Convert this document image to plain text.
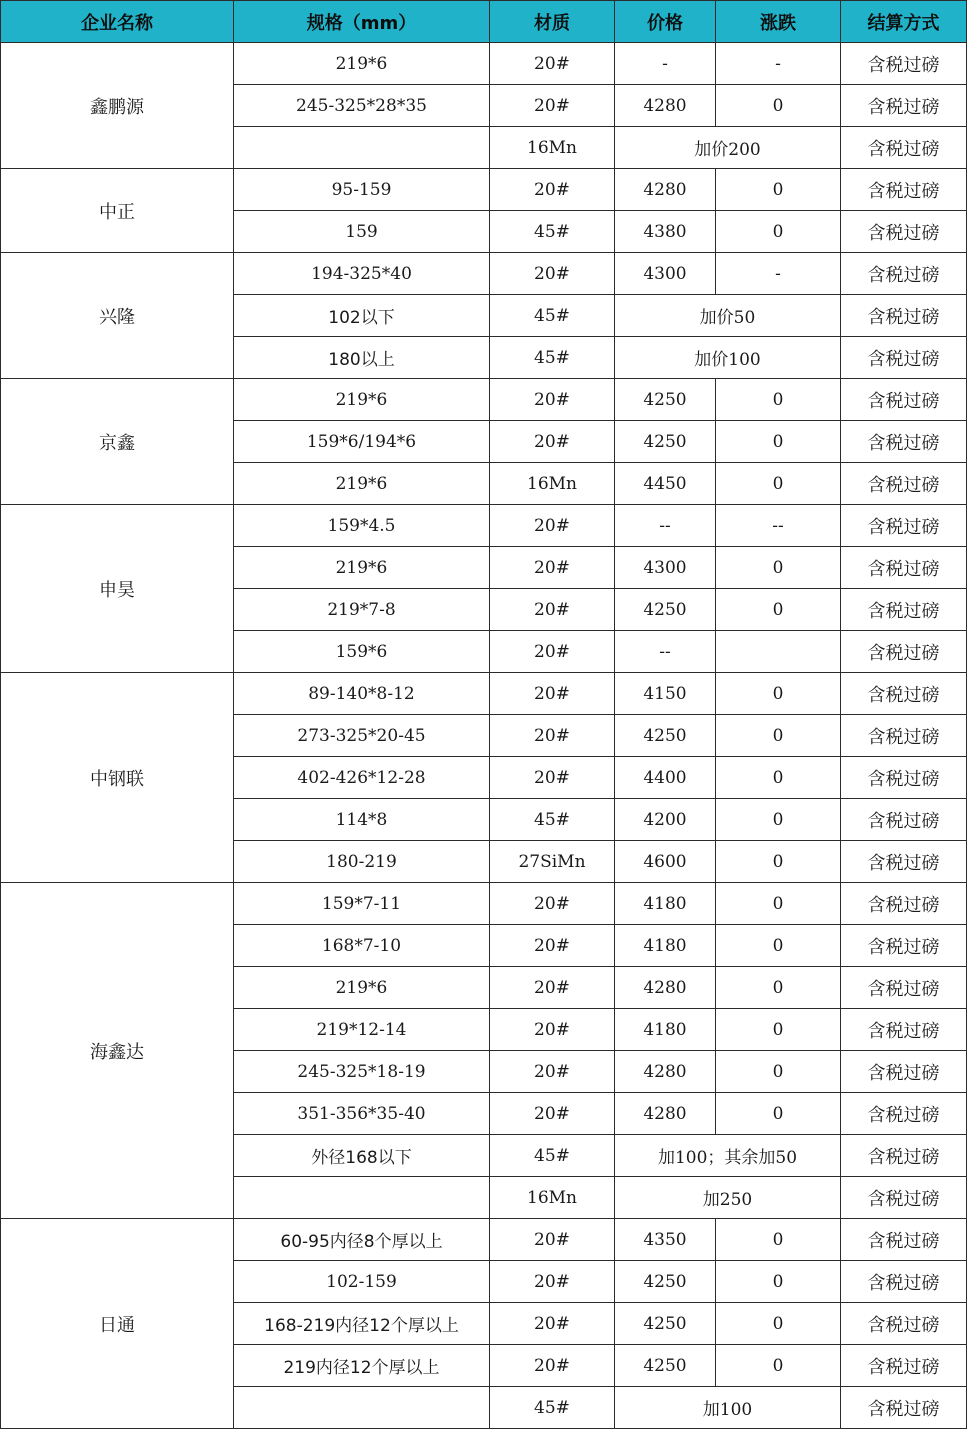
企业名称	规格（mm）	材质	价格	涨跌	结算方式
鑫鹏源	219*6	20#	-	-	含税过磅
	245-325*28*35	20#	4280	0	含税过磅
		16Mn	加价200		含税过磅
中正	95-159	20#	4280	0	含税过磅
	159	45#	4380	0	含税过磅
兴隆	194-325*40	20#	4300	-	含税过磅
	102以下	45#	加价50		含税过磅
	180以上	45#	加价100		含税过磅
京鑫	219*6	20#	4250	0	含税过磅
	159*6/194*6	20#	4250	0	含税过磅
	219*6	16Mn	4450	0	含税过磅
申昊	159*4.5	20#	--	--	含税过磅
	219*6	20#	4300	0	含税过磅
	219*7-8	20#	4250	0	含税过磅
	159*6	20#	--		含税过磅
中钢联	89-140*8-12	20#	4150	0	含税过磅
	273-325*20-45	20#	4250	0	含税过磅
	402-426*12-28	20#	4400	0	含税过磅
	114*8	45#	4200	0	含税过磅
	180-219	27SiMn	4600	0	含税过磅
海鑫达	159*7-11	20#	4180	0	含税过磅
	168*7-10	20#	4180	0	含税过磅
	219*6	20#	4280	0	含税过磅
	219*12-14	20#	4180	0	含税过磅
	245-325*18-19	20#	4280	0	含税过磅
	351-356*35-40	20#	4280	0	含税过磅
	外径168以下	45#	加100；其余加50		含税过磅
		16Mn	加250		含税过磅
日通	60-95内径8个厚以上	20#	4350	0	含税过磅
	102-159	20#	4250	0	含税过磅
	168-219内径12个厚以上	20#	4250	0	含税过磅
	219内径12个厚以上	20#	4250	0	含税过磅
		45#	加100		含税过磅
